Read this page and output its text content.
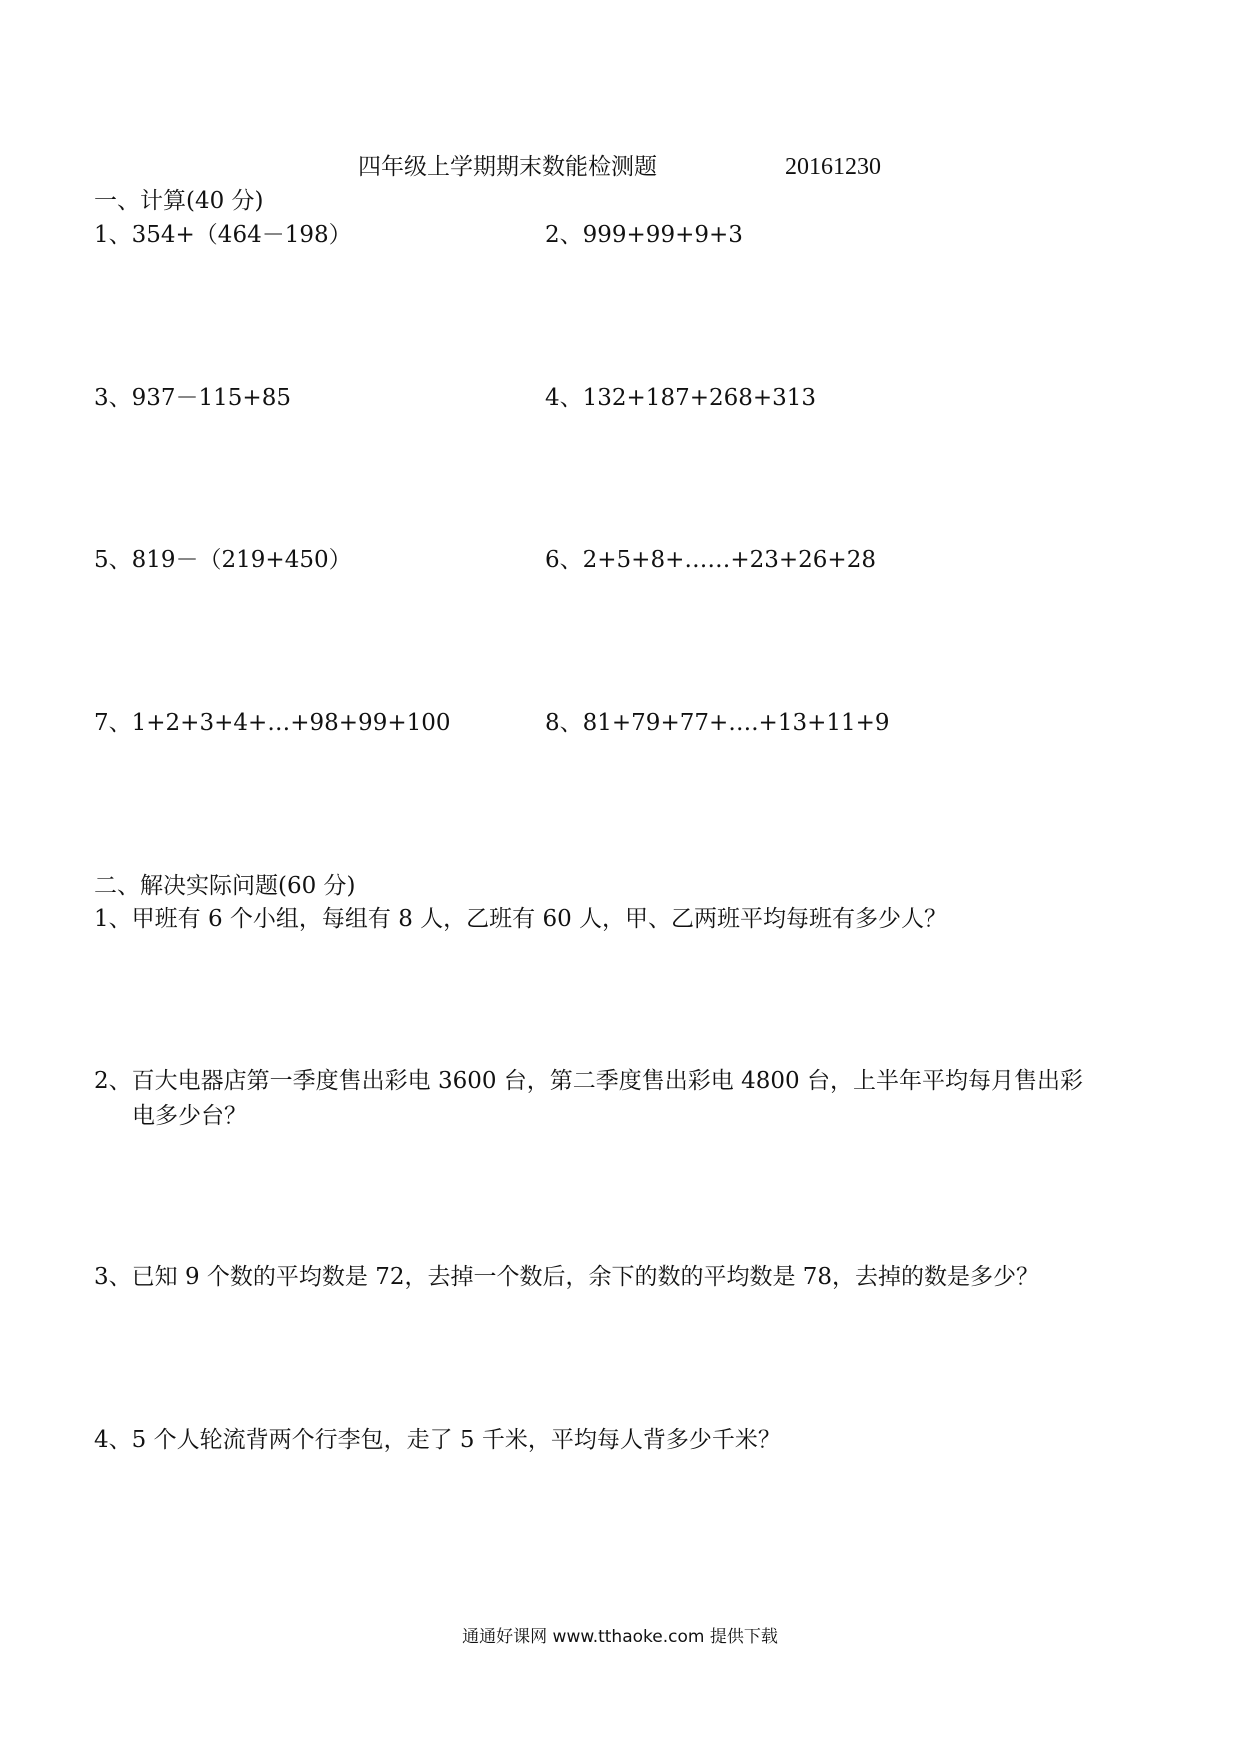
四年级上学期期末数能检测题	20161230
一、计算(40 分)
1、354+（464－198）	2、999+99+9+3
3、937－115+85	4、132+187+268+313
5、819－（219+450）	6、2+5+8+……+23+26+28
7、1+2+3+4+…+98+99+100	8、81+79+77+….+13+11+9
二、解决实际问题(60 分)
1、甲班有 6 个小组，每组有 8 人，乙班有 60 人，甲、乙两班平均每班有多少人？
2、百大电器店第一季度售出彩电 3600 台，第二季度售出彩电 4800 台，上半年平均每月售出彩
电多少台？
3、已知 9 个数的平均数是 72，去掉一个数后，余下的数的平均数是 78，去掉的数是多少？
4、5 个人轮流背两个行李包，走了 5 千米，平均每人背多少千米？
通通好课网 www.tthaoke.com 提供下载
